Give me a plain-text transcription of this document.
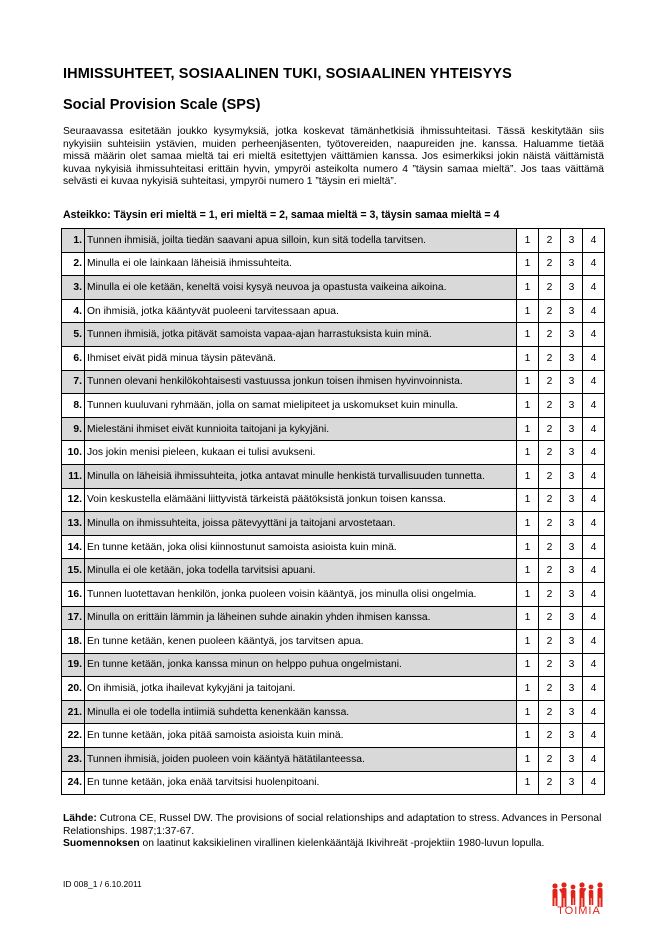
IHMISSUHTEET, SOSIAALINEN TUKI, SOSIAALINEN YHTEISYYS
Social Provision Scale (SPS)
Seuraavassa esitetään joukko kysymyksiä, jotka koskevat tämänhetkisiä ihmissuhteitasi. Tässä keskitytään siis nykyisiin suhteisiin ystävien, muiden perheenjäsenten, työtovereiden, naapureiden jne. kanssa. Haluamme tietää missä määrin olet samaa mieltä tai eri mieltä esitettyjen väittämien kanssa. Jos esimerkiksi jokin näistä väittämistä kuvaa nykyisiä ihmissuhteitasi erittäin hyvin, ympyröi asteikolta numero 4 ”täysin samaa mieltä”. Jos taas väittämä selvästi ei kuvaa nykyisiä suhteitasi, ympyröi numero 1 ”täysin eri mieltä”.
Asteikko: Täysin eri mieltä = 1, eri mieltä = 2, samaa mieltä = 3, täysin samaa mieltä = 4
1.	Tunnen ihmisiä, joilta tiedän saavani apua silloin, kun sitä todella tarvitsen.	1	2	3	4
2.	Minulla ei ole lainkaan läheisiä ihmissuhteita.	1	2	3	4
3.	Minulla ei ole ketään, keneltä voisi kysyä neuvoa ja opastusta vaikeina aikoina.	1	2	3	4
4.	On ihmisiä, jotka kääntyvät puoleeni tarvitessaan apua.	1	2	3	4
5.	Tunnen ihmisiä, jotka pitävät samoista vapaa-ajan harrastuksista kuin minä.	1	2	3	4
6.	Ihmiset eivät pidä minua täysin pätevänä.	1	2	3	4
7.	Tunnen olevani henkilökohtaisesti vastuussa jonkun toisen ihmisen hyvinvoinnista.	1	2	3	4
8.	Tunnen kuuluvani ryhmään, jolla on samat mielipiteet ja uskomukset kuin minulla.	1	2	3	4
9.	Mielestäni ihmiset eivät kunnioita taitojani ja kykyjäni.	1	2	3	4
10.	Jos jokin menisi pieleen, kukaan ei tulisi avukseni.	1	2	3	4
11.	Minulla on läheisiä ihmissuhteita, jotka antavat minulle henkistä turvallisuuden tunnetta.	1	2	3	4
12.	Voin keskustella elämääni liittyvistä tärkeistä päätöksistä jonkun toisen kanssa.	1	2	3	4
13.	Minulla on ihmissuhteita, joissa pätevyyttäni ja taitojani arvostetaan.	1	2	3	4
14.	En tunne ketään, joka olisi kiinnostunut samoista asioista kuin minä.	1	2	3	4
15.	Minulla ei ole ketään, joka todella tarvitsisi apuani.	1	2	3	4
16.	Tunnen luotettavan henkilön, jonka puoleen voisin kääntyä, jos minulla olisi ongelmia.	1	2	3	4
17.	Minulla on erittäin lämmin ja läheinen suhde ainakin yhden ihmisen kanssa.	1	2	3	4
18.	En tunne ketään, kenen puoleen kääntyä, jos tarvitsen apua.	1	2	3	4
19.	En tunne ketään, jonka kanssa minun on helppo puhua ongelmistani.	1	2	3	4
20.	On ihmisiä, jotka ihailevat kykyjäni ja taitojani.	1	2	3	4
21.	Minulla ei ole todella intiimiä suhdetta kenenkään kanssa.	1	2	3	4
22.	En tunne ketään, joka pitää samoista asioista kuin minä.	1	2	3	4
23.	Tunnen ihmisiä, joiden puoleen voin kääntyä hätätilanteessa.	1	2	3	4
24.	En tunne ketään, joka enää tarvitsisi huolenpitoani.	1	2	3	4
Lähde: Cutrona CE, Russel DW. The provisions of social relationships and adaptation to stress. Advances in Personal Relationships. 1987;1:37-67.
Suomennoksen on laatinut kaksikielinen virallinen kielenkääntäjä Ikivihreät -projektiin 1980-luvun lopulla.
ID 008_1 / 6.10.2011
TOIMIA
